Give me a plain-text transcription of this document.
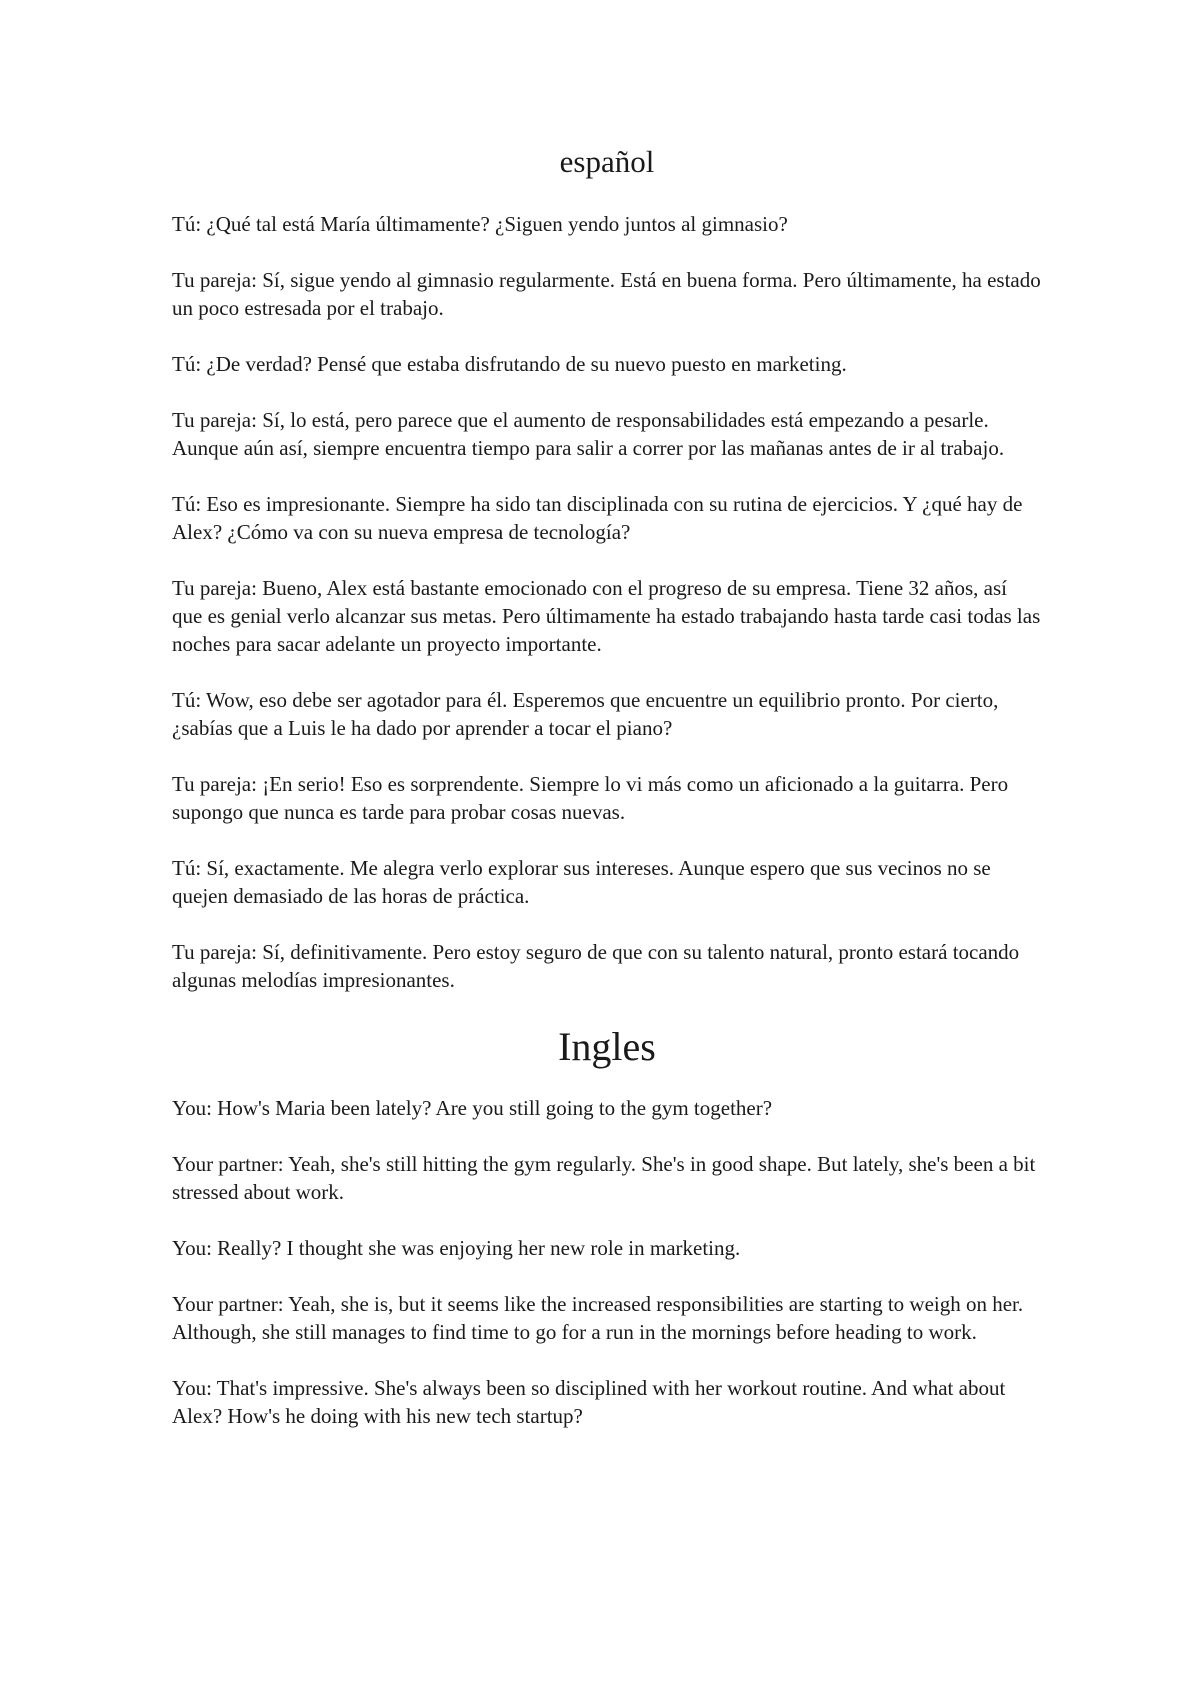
español

Tú: ¿Qué tal está María últimamente? ¿Siguen yendo juntos al gimnasio?

Tu pareja: Sí, sigue yendo al gimnasio regularmente. Está en buena forma. Pero últimamente, ha estado un poco estresada por el trabajo.

Tú: ¿De verdad? Pensé que estaba disfrutando de su nuevo puesto en marketing.

Tu pareja: Sí, lo está, pero parece que el aumento de responsabilidades está empezando a pesarle. Aunque aún así, siempre encuentra tiempo para salir a correr por las mañanas antes de ir al trabajo.

Tú: Eso es impresionante. Siempre ha sido tan disciplinada con su rutina de ejercicios. Y ¿qué hay de Alex? ¿Cómo va con su nueva empresa de tecnología?

Tu pareja: Bueno, Alex está bastante emocionado con el progreso de su empresa. Tiene 32 años, así que es genial verlo alcanzar sus metas. Pero últimamente ha estado trabajando hasta tarde casi todas las noches para sacar adelante un proyecto importante.

Tú: Wow, eso debe ser agotador para él. Esperemos que encuentre un equilibrio pronto. Por cierto, ¿sabías que a Luis le ha dado por aprender a tocar el piano?

Tu pareja: ¡En serio! Eso es sorprendente. Siempre lo vi más como un aficionado a la guitarra. Pero supongo que nunca es tarde para probar cosas nuevas.

Tú: Sí, exactamente. Me alegra verlo explorar sus intereses. Aunque espero que sus vecinos no se quejen demasiado de las horas de práctica.

Tu pareja: Sí, definitivamente. Pero estoy seguro de que con su talento natural, pronto estará tocando algunas melodías impresionantes.

Ingles

You: How's Maria been lately? Are you still going to the gym together?

Your partner: Yeah, she's still hitting the gym regularly. She's in good shape. But lately, she's been a bit stressed about work.

You: Really? I thought she was enjoying her new role in marketing.

Your partner: Yeah, she is, but it seems like the increased responsibilities are starting to weigh on her. Although, she still manages to find time to go for a run in the mornings before heading to work.

You: That's impressive. She's always been so disciplined with her workout routine. And what about Alex? How's he doing with his new tech startup?
